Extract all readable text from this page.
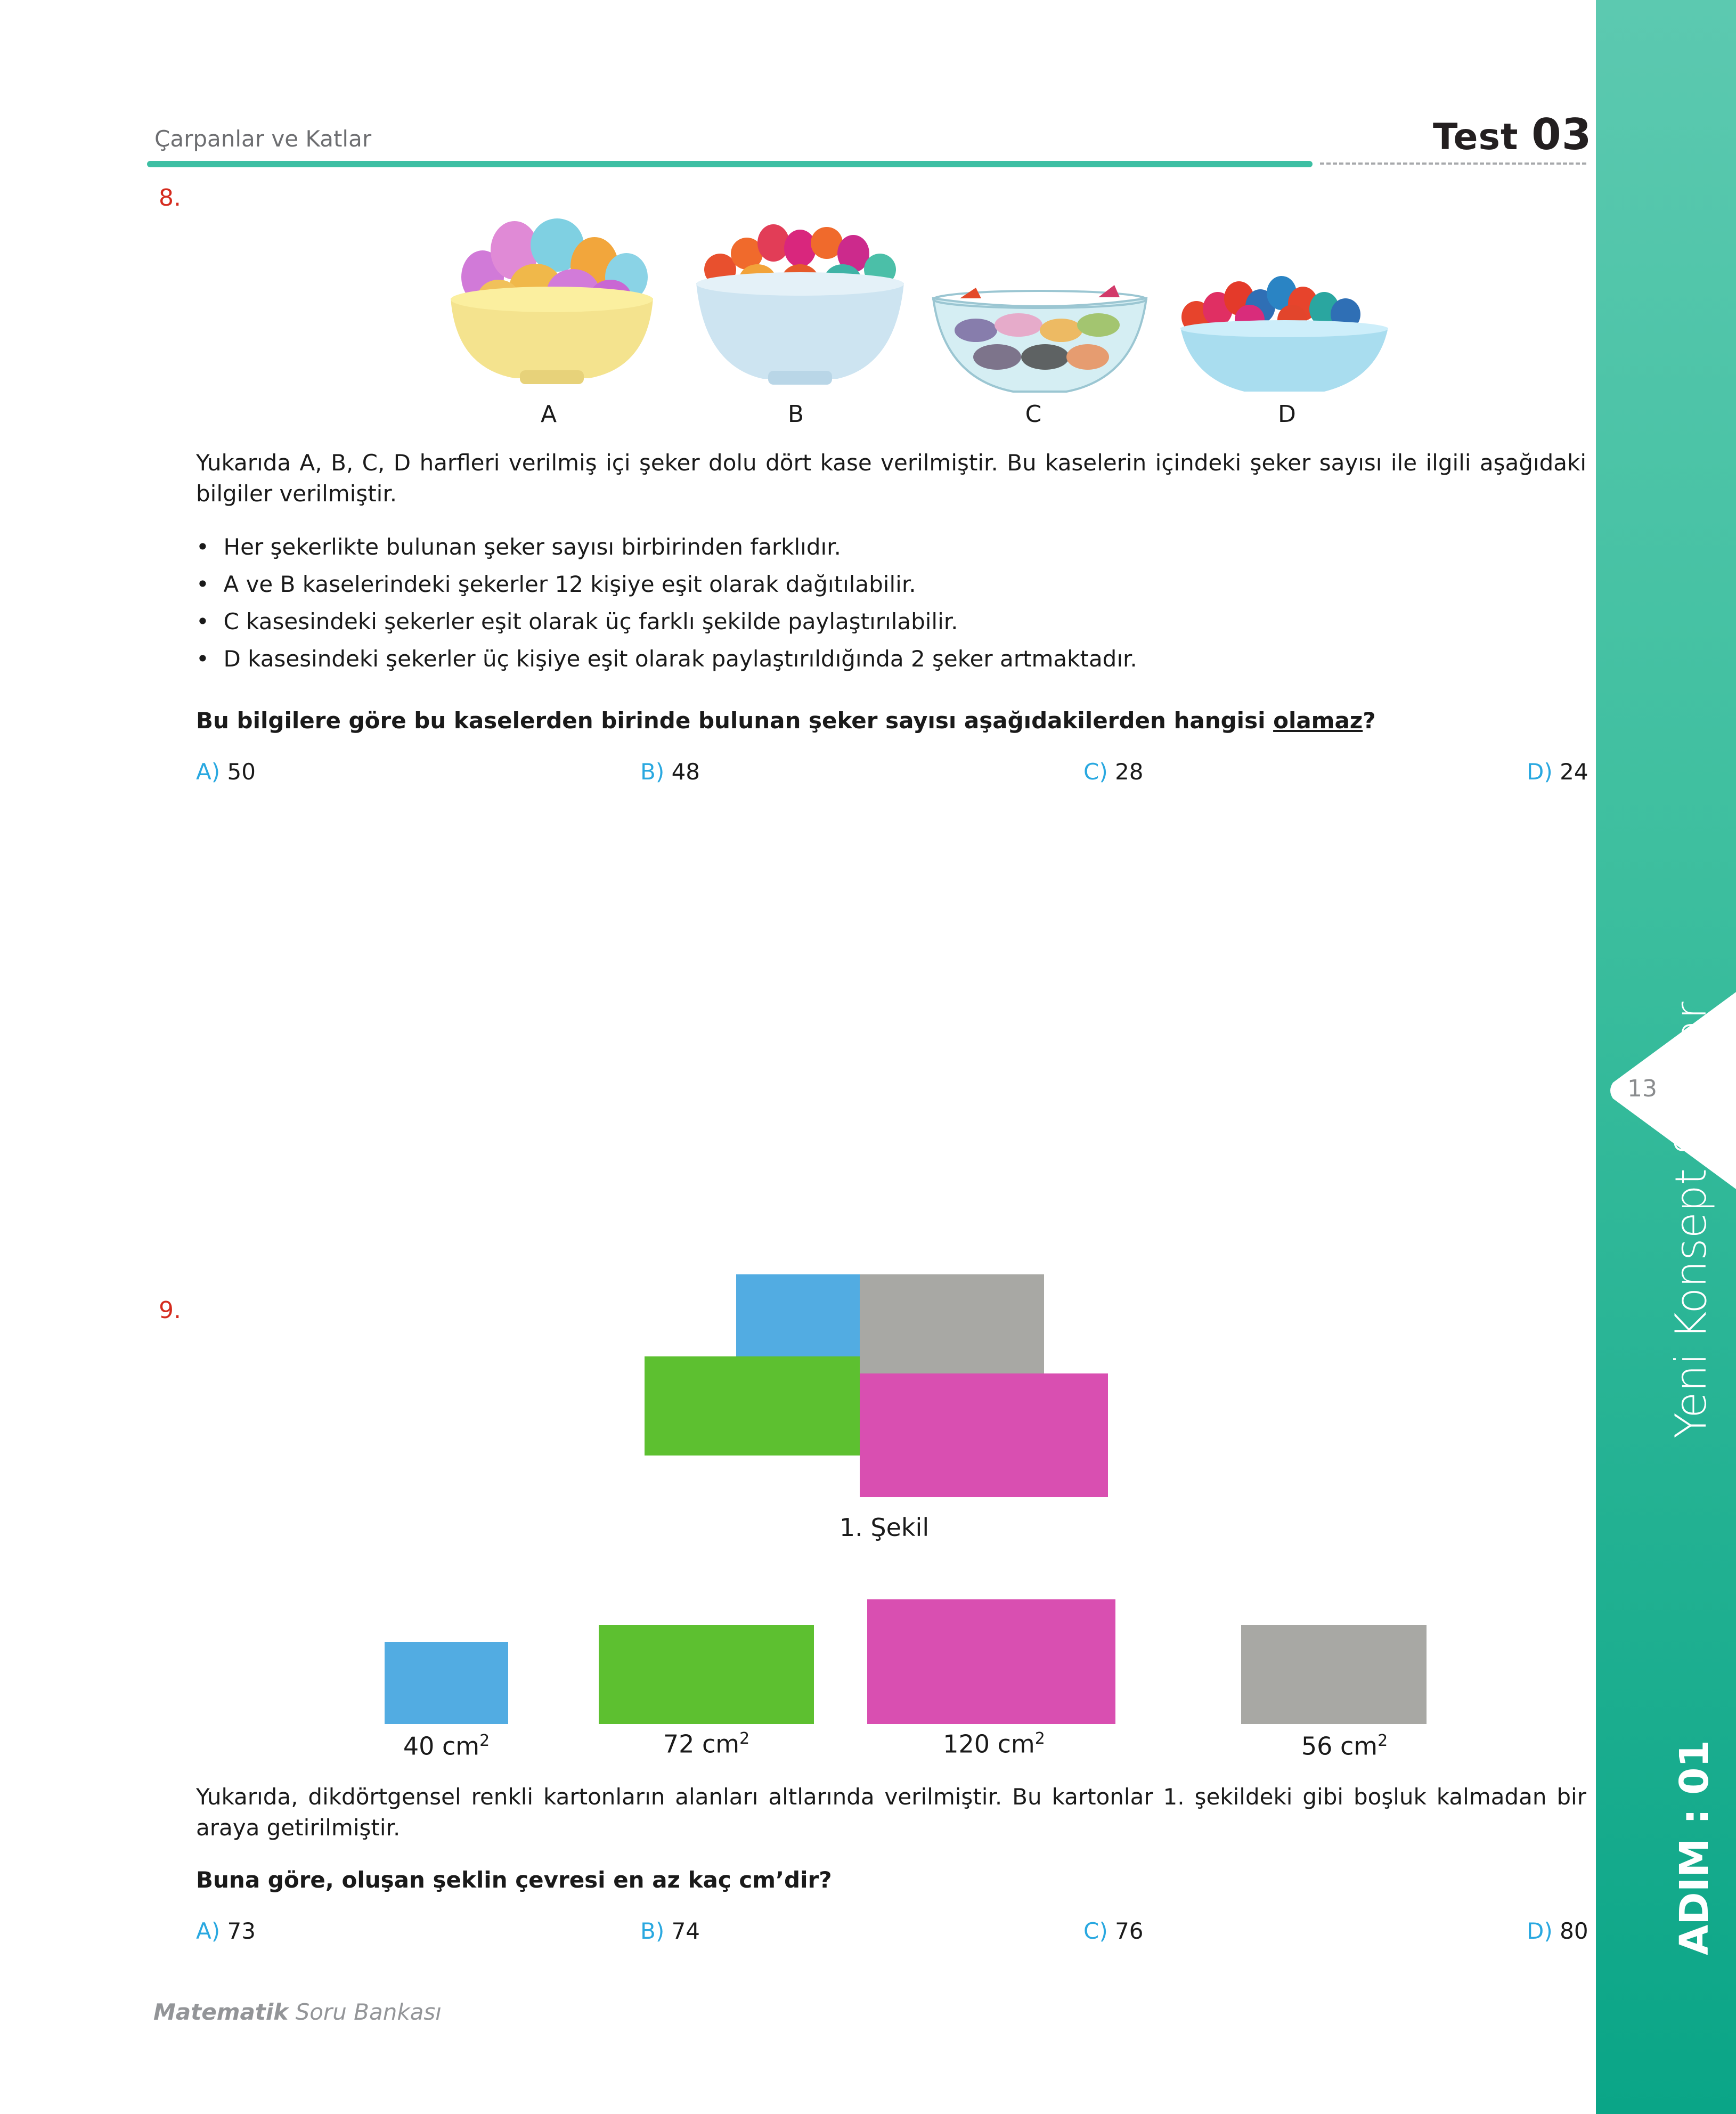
13 Yeni Konsept Sorular
ADIM : 01
Çarpanlar ve Katlar	Test 03
8.
A	B	C	D
Yukarıda A, B, C, D harfleri verilmiş içi şeker dolu dört kase verilmiştir. Bu kaselerin içindeki şeker sayısı ile ilgili aşağıdaki bilgiler verilmiştir.
•  Her şekerlikte bulunan şeker sayısı birbirinden farklıdır.
•  A ve B kaselerindeki şekerler 12 kişiye eşit olarak dağıtılabilir.
•  C kasesindeki şekerler eşit olarak üç farklı şekilde paylaştırılabilir.
•  D kasesindeki şekerler üç kişiye eşit olarak paylaştırıldığında 2 şeker artmaktadır.
Bu bilgilere göre bu kaselerden birinde bulunan şeker sayısı aşağıdakilerden hangisi olamaz?
A) 50	B) 48	C) 28	D) 24
9.
1. Şekil
40 $cm^2$	72 $cm^2$	120 $cm^2$	56 $cm^2$
Yukarıda, dikdörtgensel renkli kartonların alanları altlarında verilmiştir. Bu kartonlar 1. şekildeki gibi boşluk kalmadan bir araya getirilmiştir.
Buna göre, oluşan şeklin çevresi en az kaç cm’dir?
A) 73	B) 74	C) 76	D) 80
Matematik Soru Bankası
